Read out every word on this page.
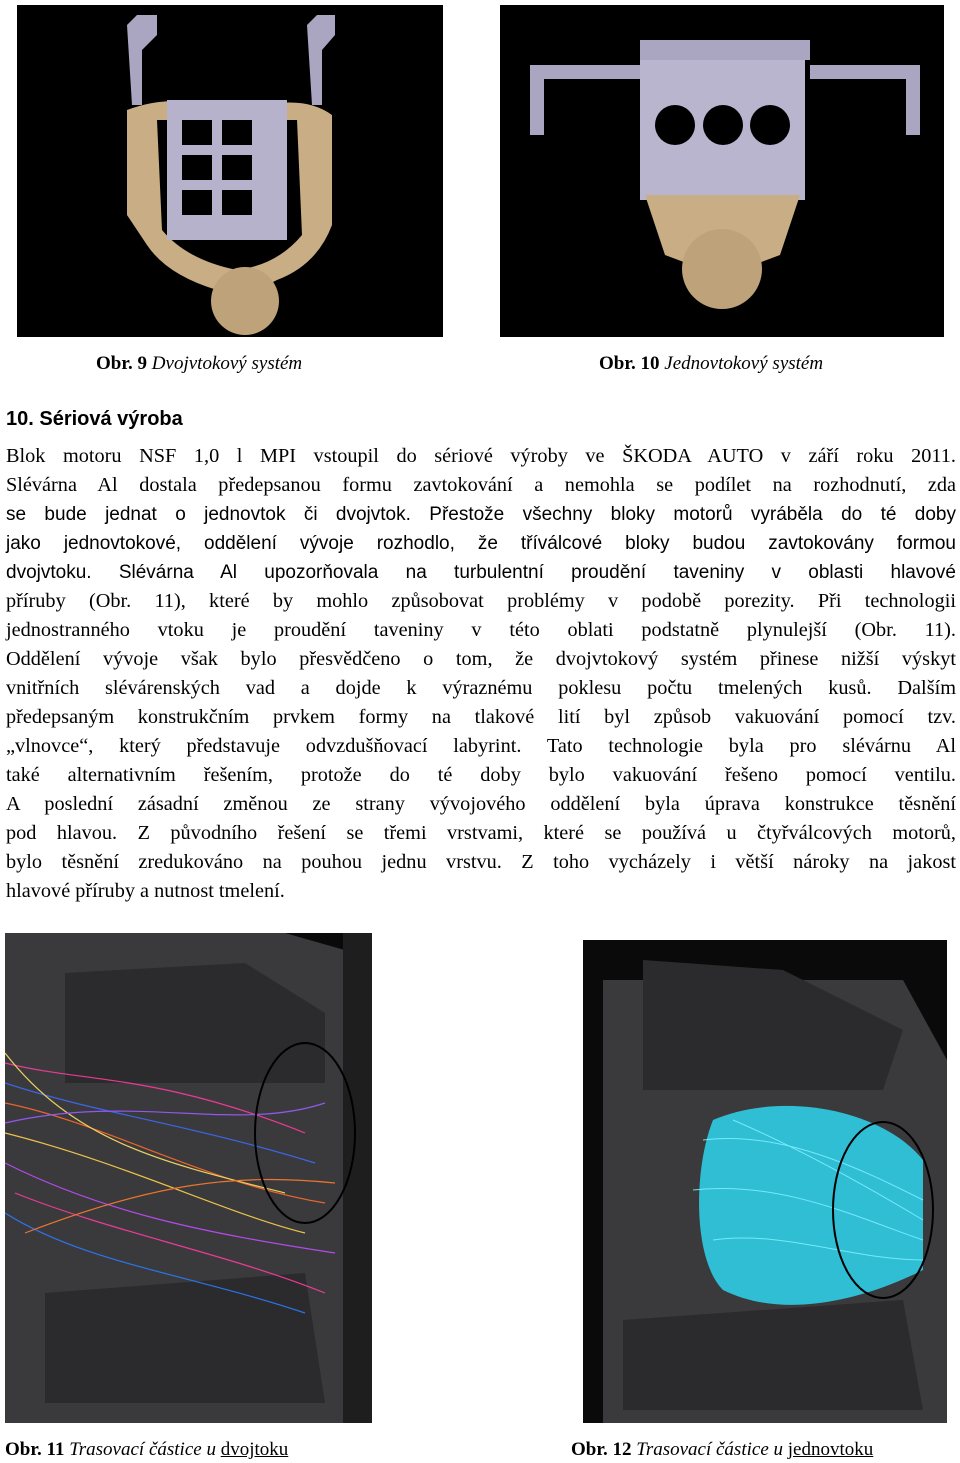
Obr. 9 Dvojvtokový systém	Obr. 10 Jednovtokový systém
10. Sériová výroba
Blok motoru NSF 1,0 l MPI vstoupil do sériové výroby ve ŠKODA AUTO v září roku 2011.
Slévárna Al dostala předepsanou formu zavtokování a nemohla se podílet na rozhodnutí, zda
se bude jednat o jednovtok či dvojvtok. Přestože všechny bloky motorů vyráběla do té doby
jako jednovtokové, oddělení vývoje rozhodlo, že tříválcové bloky budou zavtokovány formou
dvojvtoku. Slévárna Al upozorňovala na turbulentní proudění taveniny v oblasti hlavové
příruby (Obr. 11), které by mohlo způsobovat problémy v podobě porezity. Při technologii
jednostranného vtoku je proudění taveniny v této oblati podstatně plynulejší (Obr. 11).
Oddělení vývoje však bylo přesvědčeno o tom, že dvojvtokový systém přinese nižší výskyt
vnitřních slévárenských vad a dojde k výraznému poklesu počtu tmelených kusů. Dalším
předepsaným konstrukčním prvkem formy na tlakové lití byl způsob vakuování pomocí tzv.
„vlnovce“, který představuje odvzdušňovací labyrint. Tato technologie byla pro slévárnu Al
také alternativním řešením, protože do té doby bylo vakuování řešeno pomocí ventilu.
A poslední zásadní změnou ze strany vývojového oddělení byla úprava konstrukce těsnění
pod hlavou. Z původního řešení se třemi vrstvami, které se používá u čtyřválcových motorů,
bylo těsnění zredukováno na pouhou jednu vrstvu. Z toho vycházely i větší nároky na jakost
hlavové příruby a nutnost tmelení.
Obr. 11 Trasovací částice u dvojtoku	Obr. 12 Trasovací částice u jednovtoku
